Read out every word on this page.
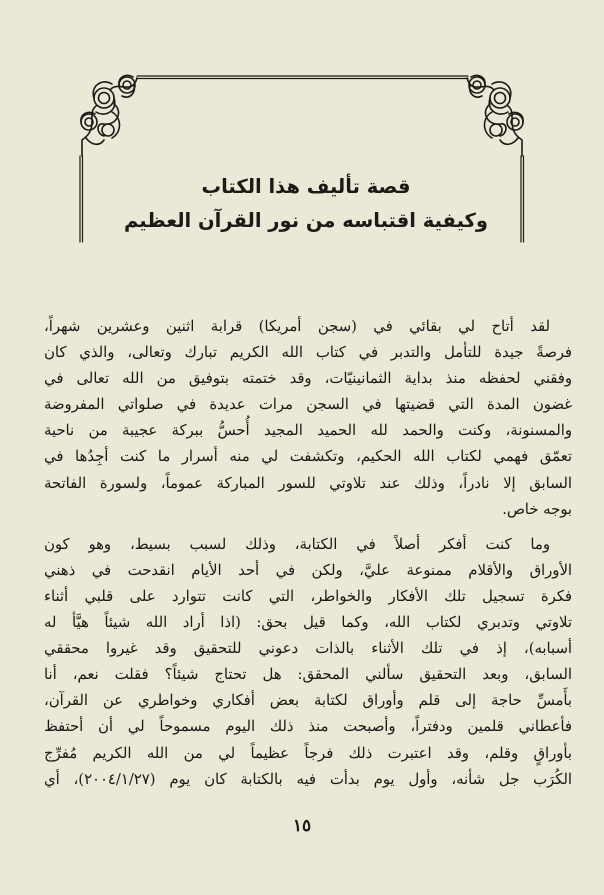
قصة تأليف هذا الكتاب

وكيفية اقتباسه من نور القرآن العظيم

لقد أتاح لي بقائي في (سجن أمريكا) قرابة اثنين وعشرين شهراً،
فرصةً جيدة للتأمل والتدبر في كتاب الله الكريم تبارك وتعالى، والذي كان
وفقني لحفظه منذ بداية الثمانينيّات، وقد ختمته بتوفيق من الله تعالى في
غضون المدة التي قضيتها في السجن مرات عديدة في صلواتي المفروضة
والمسنونة، وكنت والحمد لله الحميد المجيد أُحسُّ ببركة عجيبة من ناحية
تعمّق فهمي لكتاب الله الحكيم، وتكشفت لي منه أسرار ما كنت أجِدُها في
السابق إلا نادراً، وذلك عند تلاوتي للسور المباركة عموماً، ولسورة الفاتحة
بوجه خاص.

وما كنت أفكر أصلاً في الكتابة، وذلك لسبب بسيط، وهو كون
الأوراق والأقلام ممنوعة عليَّ، ولكن في أحد الأيام انقدحت في ذهني
فكرة تسجيل تلك الأفكار والخواطر، التي كانت تتوارد على قلبي أثناء
تلاوتي وتدبري لكتاب الله، وكما قيل بحق: (اذا أراد الله شيئاً هيَّأ له
أسبابه)، إذ في تلك الأثناء بالذات دعوني للتحقيق وقد غيروا محققي
السابق، وبعد التحقيق سألني المحقق: هل تحتاج شيئاً؟ فقلت نعم، أنا
بأَمسِّ حاجة إلى قلم وأوراق لكتابة بعض أفكاري وخواطري عن القرآن،
فأعطاني قلمين ودفتراً، وأصبحت منذ ذلك اليوم مسموحاً لي أن أحتفظ
بأوراقٍ وقلم، وقد اعتبرت ذلك فرجاً عظيماً لي من الله الكريم مُفرِّج
الكُرَب جل شأنه، وأول يوم بدأت فيه بالكتابة كان يوم (٢٠٠٤/١/٢٧)، أي

١٥
